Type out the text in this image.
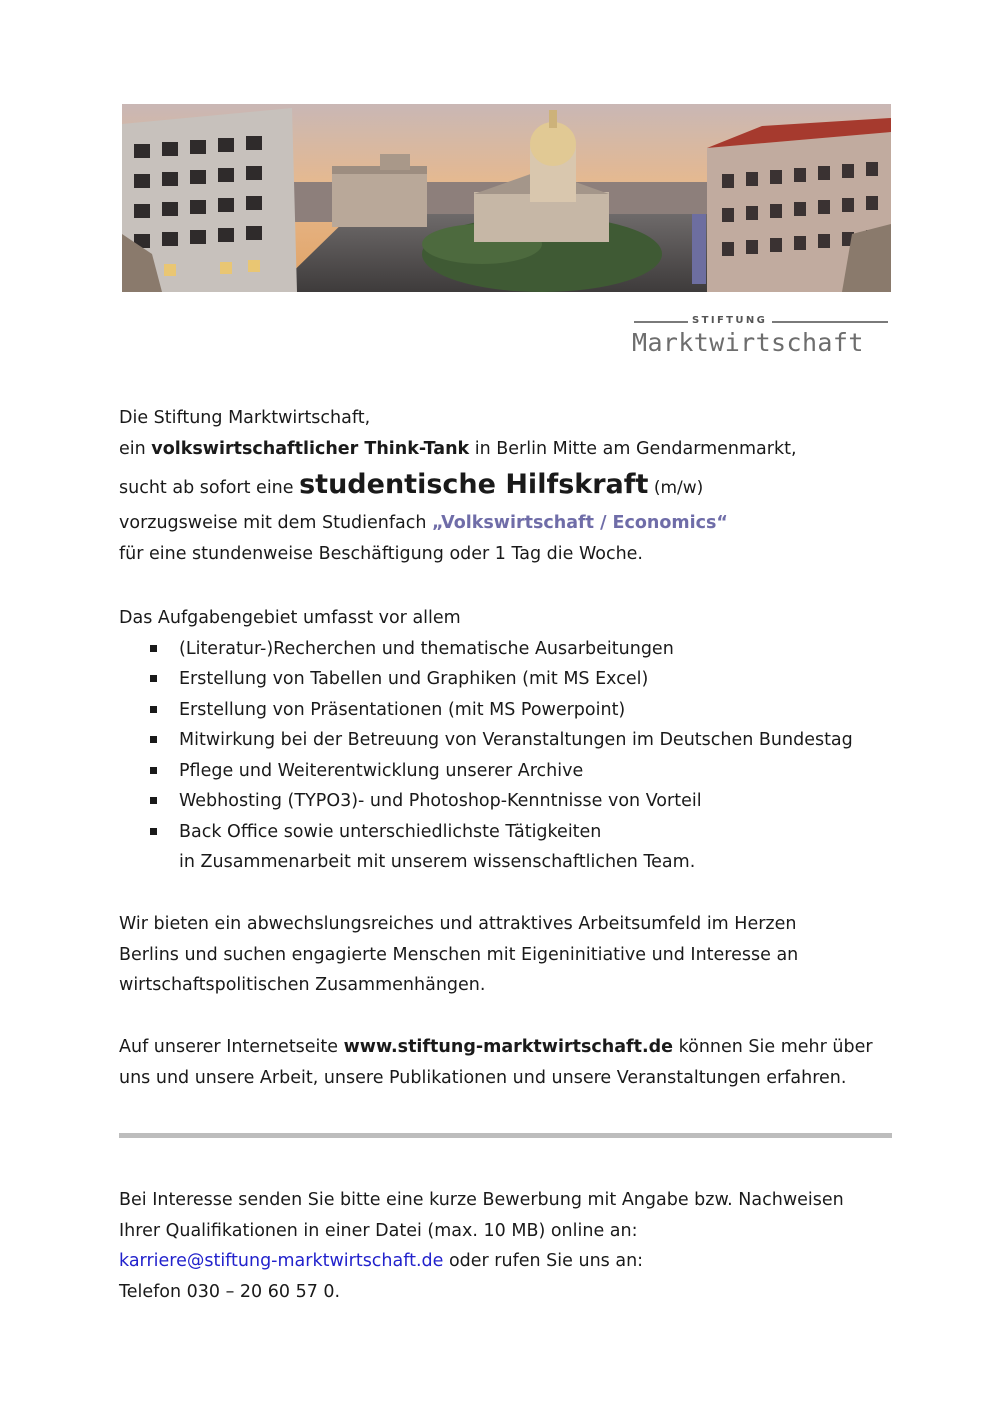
STIFTUNG
Marktwirtschaft
Die Stiftung Marktwirtschaft,
ein volkswirtschaftlicher Think-Tank in Berlin Mitte am Gendarmenmarkt,
sucht ab sofort eine studentische Hilfskraft (m/w)
vorzugsweise mit dem Studienfach „Volkswirtschaft / Economics“
für eine stundenweise Beschäftigung oder 1 Tag die Woche.
Das Aufgabengebiet umfasst vor allem
(Literatur-)Recherchen und thematische Ausarbeitungen
Erstellung von Tabellen und Graphiken (mit MS Excel)
Erstellung von Präsentationen (mit MS Powerpoint)
Mitwirkung bei der Betreuung von Veranstaltungen im Deutschen Bundestag
Pflege und Weiterentwicklung unserer Archive
Webhosting (TYPO3)- und Photoshop-Kenntnisse von Vorteil
Back Office sowie unterschiedlichste Tätigkeiten
in Zusammenarbeit mit unserem wissenschaftlichen Team.
Wir bieten ein abwechslungsreiches und attraktives Arbeitsumfeld im Herzen
Berlins und suchen engagierte Menschen mit Eigeninitiative und Interesse an
wirtschaftspolitischen Zusammenhängen.
Auf unserer Internetseite www.stiftung-marktwirtschaft.de können Sie mehr über
uns und unsere Arbeit, unsere Publikationen und unsere Veranstaltungen erfahren.
Bei Interesse senden Sie bitte eine kurze Bewerbung mit Angabe bzw. Nachweisen
Ihrer Qualifikationen in einer Datei (max. 10 MB) online an:
karriere@stiftung-marktwirtschaft.de oder rufen Sie uns an:
Telefon 030 – 20 60 57 0.
